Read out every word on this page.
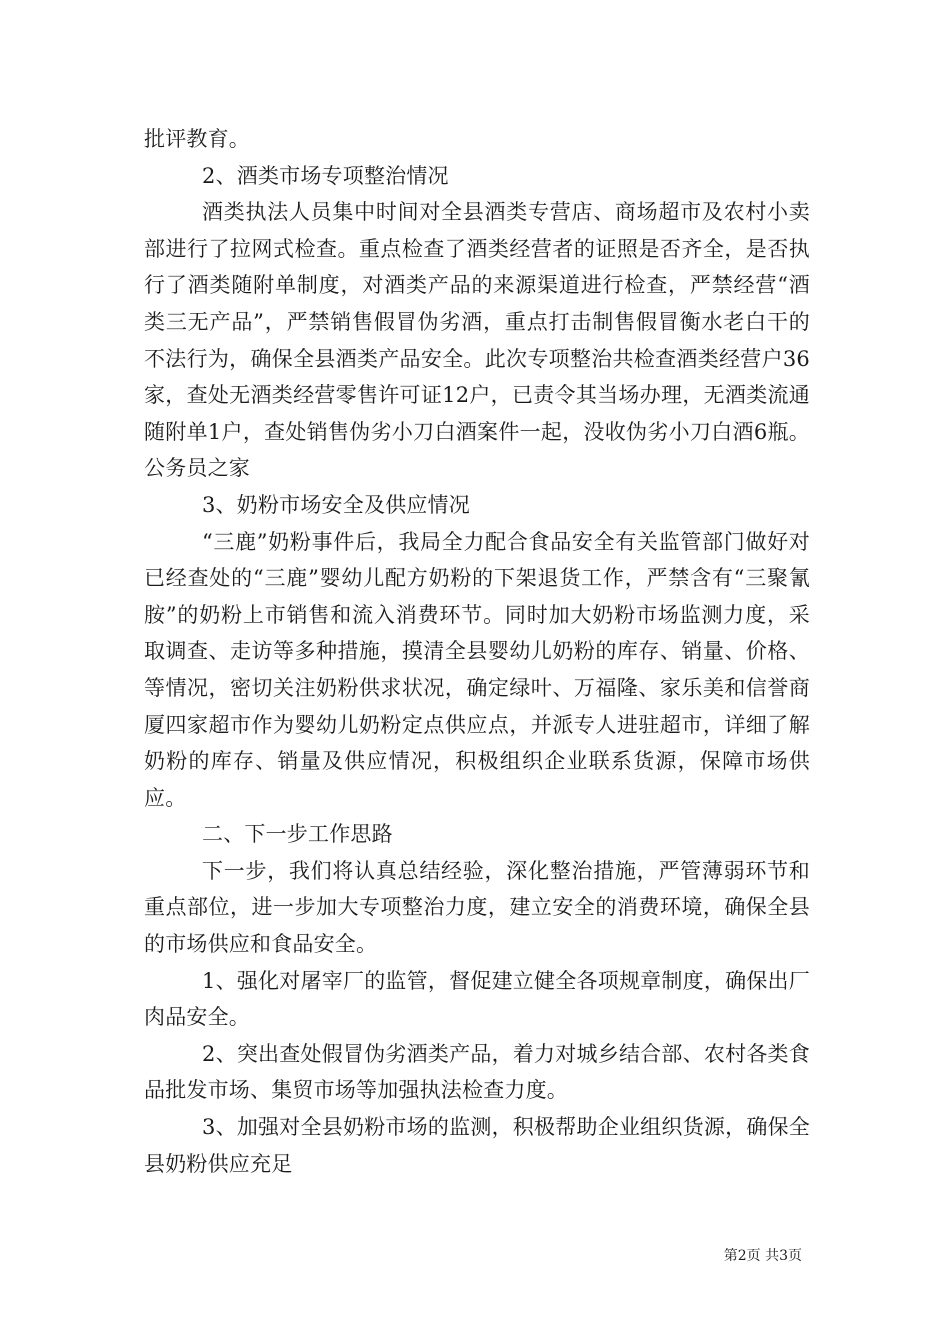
批评教育。

2、酒类市场专项整治情况

酒类执法人员集中时间对全县酒类专营店、商场超市及农村小卖部进行了拉网式检查。重点检查了酒类经营者的证照是否齐全，是否执行了酒类随附单制度，对酒类产品的来源渠道进行检查，严禁经营“酒类三无产品”，严禁销售假冒伪劣酒，重点打击制售假冒衡水老白干的不法行为，确保全县酒类产品安全。此次专项整治共检查酒类经营户36家，查处无酒类经营零售许可证12户，已责令其当场办理，无酒类流通随附单1户，查处销售伪劣小刀白酒案件一起，没收伪劣小刀白酒6瓶。公务员之家

3、奶粉市场安全及供应情况

“三鹿”奶粉事件后，我局全力配合食品安全有关监管部门做好对已经查处的“三鹿”婴幼儿配方奶粉的下架退货工作，严禁含有“三聚氰胺”的奶粉上市销售和流入消费环节。同时加大奶粉市场监测力度，采取调查、走访等多种措施，摸清全县婴幼儿奶粉的库存、销量、价格、等情况，密切关注奶粉供求状况，确定绿叶、万福隆、家乐美和信誉商厦四家超市作为婴幼儿奶粉定点供应点，并派专人进驻超市，详细了解奶粉的库存、销量及供应情况，积极组织企业联系货源，保障市场供应。

二、下一步工作思路

下一步，我们将认真总结经验，深化整治措施，严管薄弱环节和重点部位，进一步加大专项整治力度，建立安全的消费环境，确保全县的市场供应和食品安全。

1、强化对屠宰厂的监管，督促建立健全各项规章制度，确保出厂肉品安全。

2、突出查处假冒伪劣酒类产品，着力对城乡结合部、农村各类食品批发市场、集贸市场等加强执法检查力度。

3、加强对全县奶粉市场的监测，积极帮助企业组织货源，确保全县奶粉供应充足

第2页 共3页
